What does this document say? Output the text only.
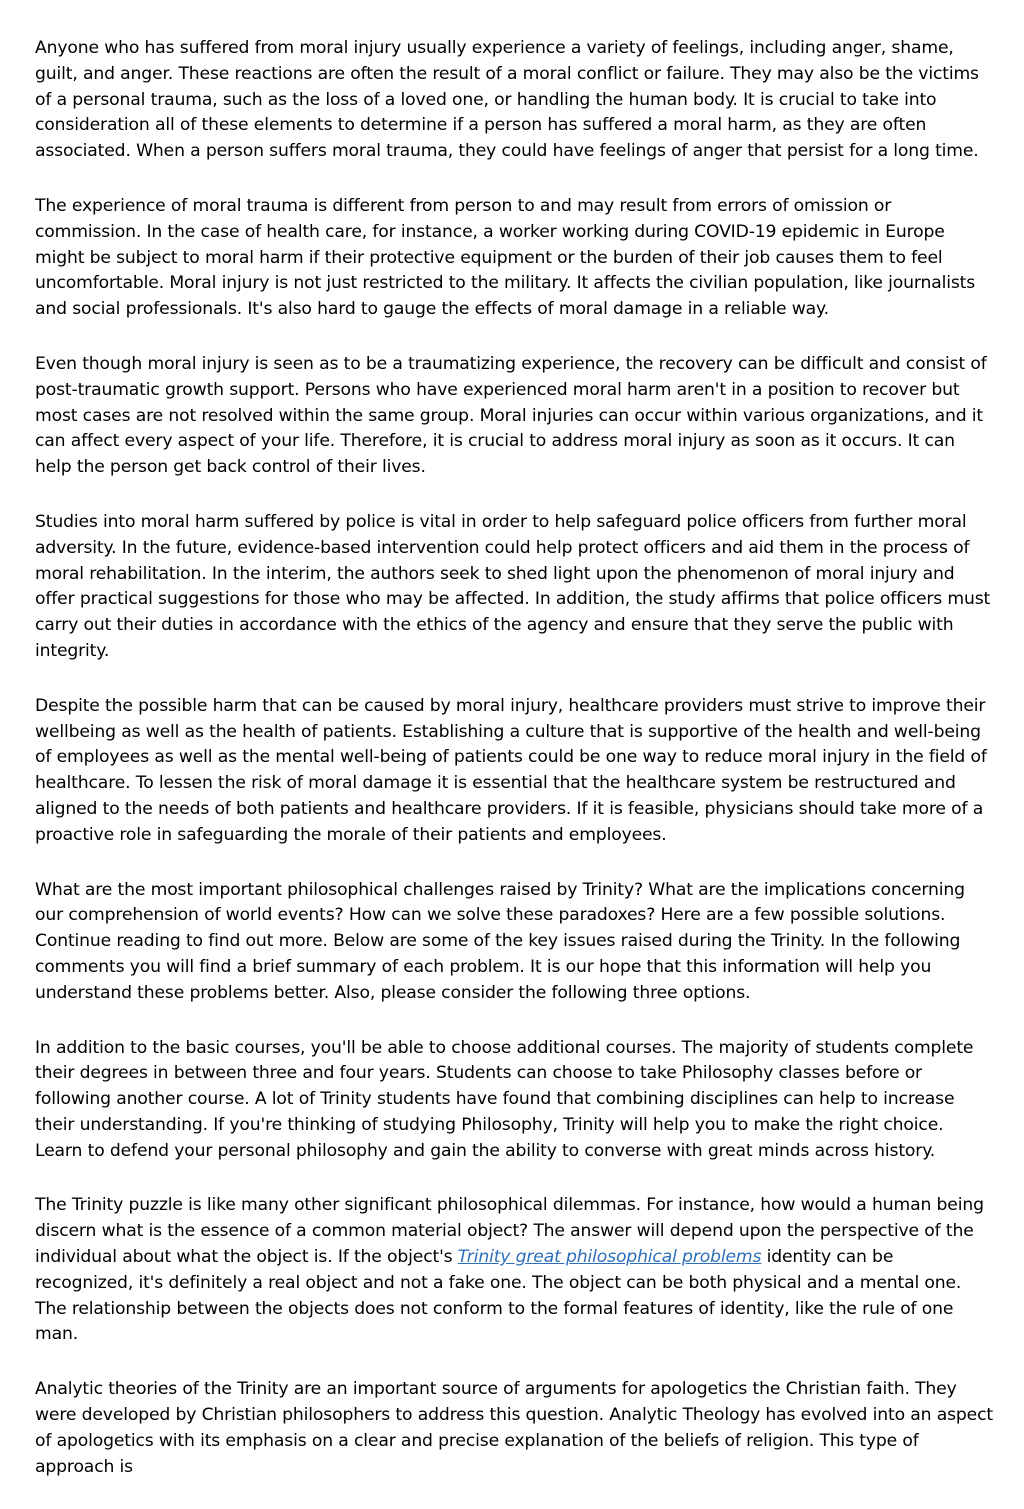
Anyone who has suffered from moral injury usually experience a variety of feelings, including anger, shame, guilt, and anger. These reactions are often the result of a moral conflict or failure. They may also be the victims of a personal trauma, such as the loss of a loved one, or handling the human body. It is crucial to take into consideration all of these elements to determine if a person has suffered a moral harm, as they are often associated. When a person suffers moral trauma, they could have feelings of anger that persist for a long time.

The experience of moral trauma is different from person to and may result from errors of omission or commission. In the case of health care, for instance, a worker working during COVID-19 epidemic in Europe might be subject to moral harm if their protective equipment or the burden of their job causes them to feel uncomfortable. Moral injury is not just restricted to the military. It affects the civilian population, like journalists and social professionals. It's also hard to gauge the effects of moral damage in a reliable way.

Even though moral injury is seen as to be a traumatizing experience, the recovery can be difficult and consist of post-traumatic growth support. Persons who have experienced moral harm aren't in a position to recover but most cases are not resolved within the same group. Moral injuries can occur within various organizations, and it can affect every aspect of your life. Therefore, it is crucial to address moral injury as soon as it occurs. It can help the person get back control of their lives.

Studies into moral harm suffered by police is vital in order to help safeguard police officers from further moral adversity. In the future, evidence-based intervention could help protect officers and aid them in the process of moral rehabilitation. In the interim, the authors seek to shed light upon the phenomenon of moral injury and offer practical suggestions for those who may be affected. In addition, the study affirms that police officers must carry out their duties in accordance with the ethics of the agency and ensure that they serve the public with integrity.

Despite the possible harm that can be caused by moral injury, healthcare providers must strive to improve their wellbeing as well as the health of patients. Establishing a culture that is supportive of the health and well-being of employees as well as the mental well-being of patients could be one way to reduce moral injury in the field of healthcare. To lessen the risk of moral damage it is essential that the healthcare system be restructured and aligned to the needs of both patients and healthcare providers. If it is feasible, physicians should take more of a proactive role in safeguarding the morale of their patients and employees.

What are the most important philosophical challenges raised by Trinity? What are the implications concerning our comprehension of world events? How can we solve these paradoxes? Here are a few possible solutions. Continue reading to find out more. Below are some of the key issues raised during the Trinity. In the following comments you will find a brief summary of each problem. It is our hope that this information will help you understand these problems better. Also, please consider the following three options.

In addition to the basic courses, you'll be able to choose additional courses. The majority of students complete their degrees in between three and four years. Students can choose to take Philosophy classes before or following another course. A lot of Trinity students have found that combining disciplines can help to increase their understanding. If you're thinking of studying Philosophy, Trinity will help you to make the right choice. Learn to defend your personal philosophy and gain the ability to converse with great minds across history.

The Trinity puzzle is like many other significant philosophical dilemmas. For instance, how would a human being discern what is the essence of a common material object? The answer will depend upon the perspective of the individual about what the object is. If the object's Trinity great philosophical problems identity can be recognized, it's definitely a real object and not a fake one. The object can be both physical and a mental one. The relationship between the objects does not conform to the formal features of identity, like the rule of one man.

Analytic theories of the Trinity are an important source of arguments for apologetics the Christian faith. They were developed by Christian philosophers to address this question. Analytic Theology has evolved into an aspect of apologetics with its emphasis on a clear and precise explanation of the beliefs of religion. This type of approach is
